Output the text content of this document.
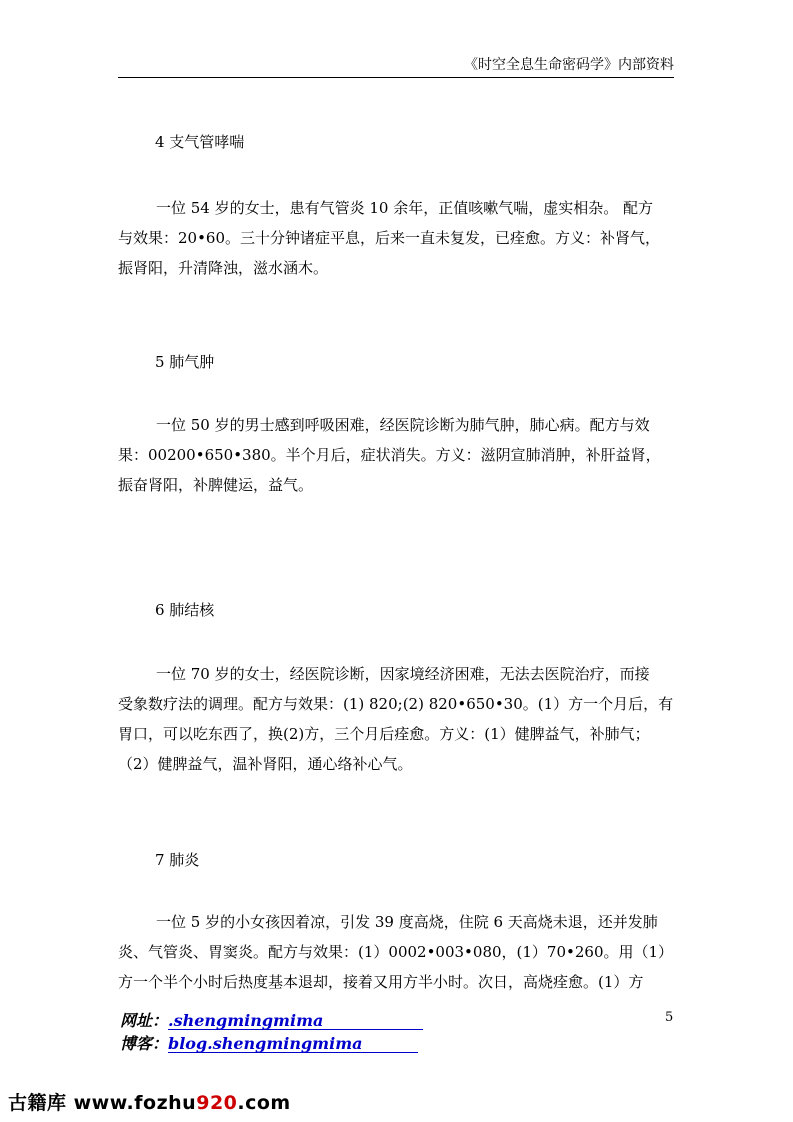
《时空全息生命密码学》内部资料
4 支气管哮喘
一位 54 岁的女士，患有气管炎 10 余年，正值咳嗽气喘，虚实相杂。 配方
与效果：20•60。三十分钟诸症平息，后来一直未复发，已痊愈。方义：补肾气，
振肾阳，升清降浊，滋水涵木。
5 肺气肿
一位 50 岁的男士感到呼吸困难，经医院诊断为肺气肿，肺心病。配方与效
果：00200•650•380。半个月后，症状消失。方义：滋阴宣肺消肿，补肝益肾，
振奋肾阳，补脾健运，益气。
6 肺结核
一位 70 岁的女士，经医院诊断，因家境经济困难，无法去医院治疗，而接
受象数疗法的调理。配方与效果：(1) 820;(2) 820•650•30。(1）方一个月后，有
胃口，可以吃东西了，换(2)方，三个月后痊愈。方义：(1）健脾益气，补肺气；
（2）健脾益气，温补肾阳，通心络补心气。
7 肺炎
一位 5 岁的小女孩因着凉，引发 39 度高烧，住院 6 天高烧未退，还并发肺
炎、气管炎、胃窦炎。配方与效果：(1）0002•003•080，(1）70•260。用（1）
方一个半个小时后热度基本退却，接着又用方半小时。次日，高烧痊愈。(1）方
5
网址：.shengmingmima
博客：blog.shengmingmima
古籍库 www.fozhu920.com
